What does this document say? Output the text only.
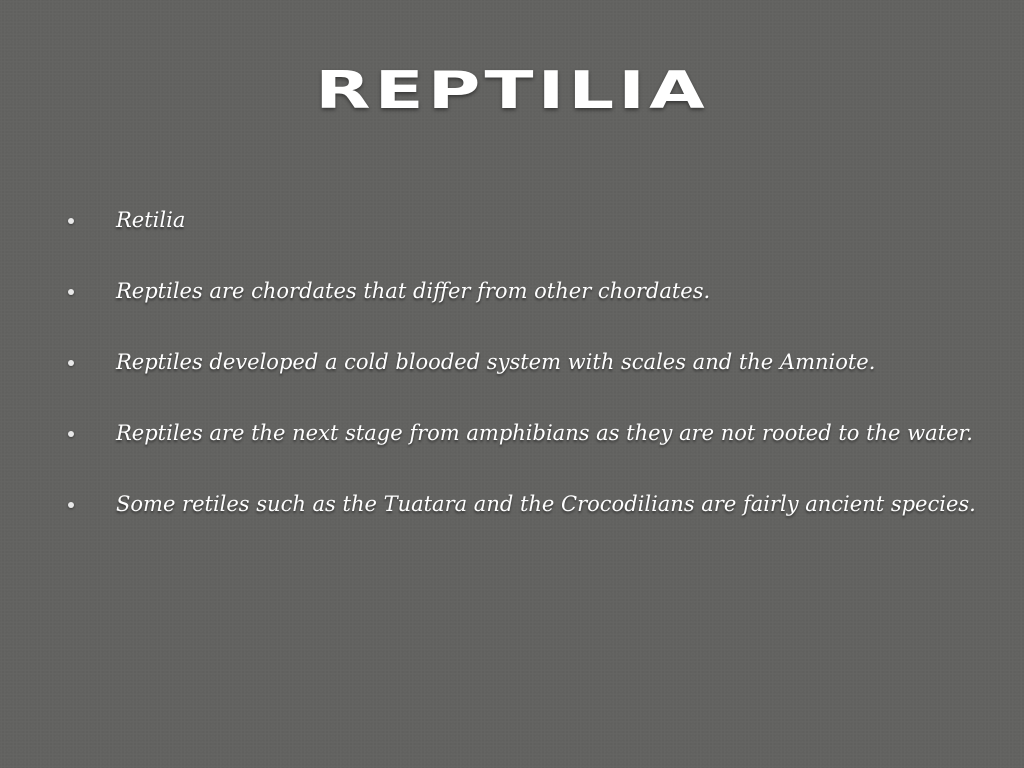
REPTILIA
Retilia
Reptiles are chordates that differ from other chordates.
Reptiles developed a cold blooded system with scales and the Amniote.
Reptiles are the next stage from amphibians as they are not rooted to the water.
Some retiles such as the Tuatara and the Crocodilians are fairly ancient species.
